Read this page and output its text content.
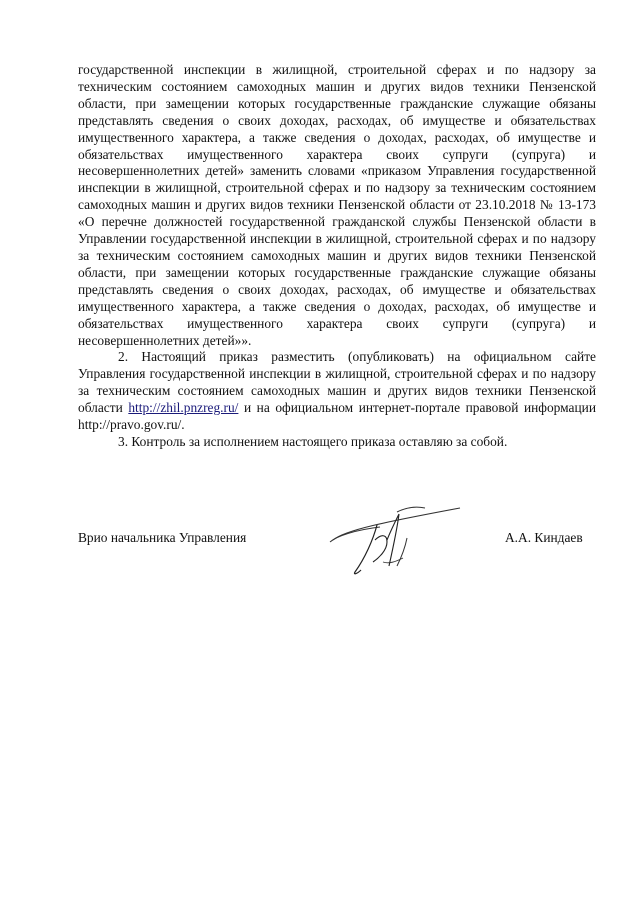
государственной инспекции в жилищной, строительной сферах и по надзору за техническим состоянием самоходных машин и других видов техники Пензенской области, при замещении которых государственные гражданские служащие обязаны представлять сведения о своих доходах, расходах, об имуществе и обязательствах имущественного характера, а также сведения о доходах, расходах, об имуществе и обязательствах имущественного характера своих супруги (супруга) и несовершеннолетних детей» заменить словами «приказом Управления государственной инспекции в жилищной, строительной сферах и по надзору за техническим состоянием самоходных машин и других видов техники Пензенской области от 23.10.2018 № 13-173 «О перечне должностей государственной гражданской службы Пензенской области в Управлении государственной инспекции в жилищной, строительной сферах и по надзору за техническим состоянием самоходных машин и других видов техники Пензенской области, при замещении которых государственные гражданские служащие обязаны представлять сведения о своих доходах, расходах, об имуществе и обязательствах имущественного характера, а также сведения о доходах, расходах, об имуществе и обязательствах имущественного характера своих супруги (супруга) и несовершеннолетних детей»».

2. Настоящий приказ разместить (опубликовать) на официальном сайте Управления государственной инспекции в жилищной, строительной сферах и по надзору за техническим состоянием самоходных машин и других видов техники Пензенской области http://zhil.pnzreg.ru/ и на официальном интернет-портале правовой информации http://pravo.gov.ru/.

3. Контроль за исполнением настоящего приказа оставляю за собой.

Врио начальника Управления	А.А. Киндаев
